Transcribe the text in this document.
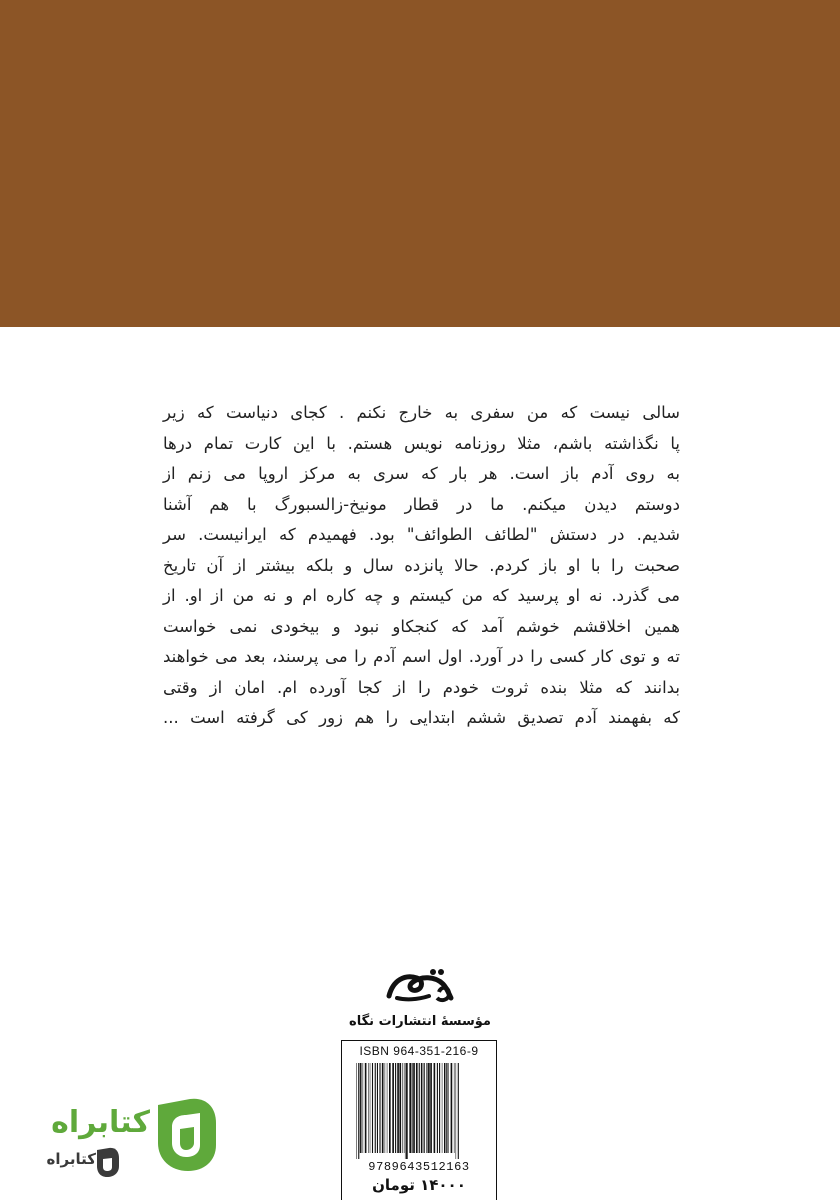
سالی نیست که من سفری به خارج نکنم . کجای دنیاست که زیر
پا نگذاشته باشم، مثلا روزنامه نویس هستم. با این کارت تمام درها
به روی آدم باز است. هر بار که سری به مرکز اروپا می زنم از
دوستم دیدن میکنم. ما در قطار مونیخ-زالسبورگ با هم آشنا
شدیم. در دستش "لطائف الطوائف" بود. فهمیدم که ایرانیست. سر
صحبت را با او باز کردم. حالا پانزده سال و بلکه بیشتر از آن تاریخ
می گذرد. نه او پرسید که من کیستم و چه کاره ام و نه من از او. از
همین اخلاقشم خوشم آمد که کنجکاو نبود و بیخودی نمی خواست
ته و توی کار کسی را در آورد. اول اسم آدم را می پرسند، بعد می خواهند
بدانند که مثلا بنده ثروت خودم را از کجا آورده ام. امان از وقتی
که بفهمند آدم تصدیق ششم ابتدایی را هم زور کی گرفته است ...
مؤسسهٔ انتشارات نگاه
ISBN 964-351-216-9
9789643512163
۱۴۰۰۰ تومان
کتابراه
کتابراه
